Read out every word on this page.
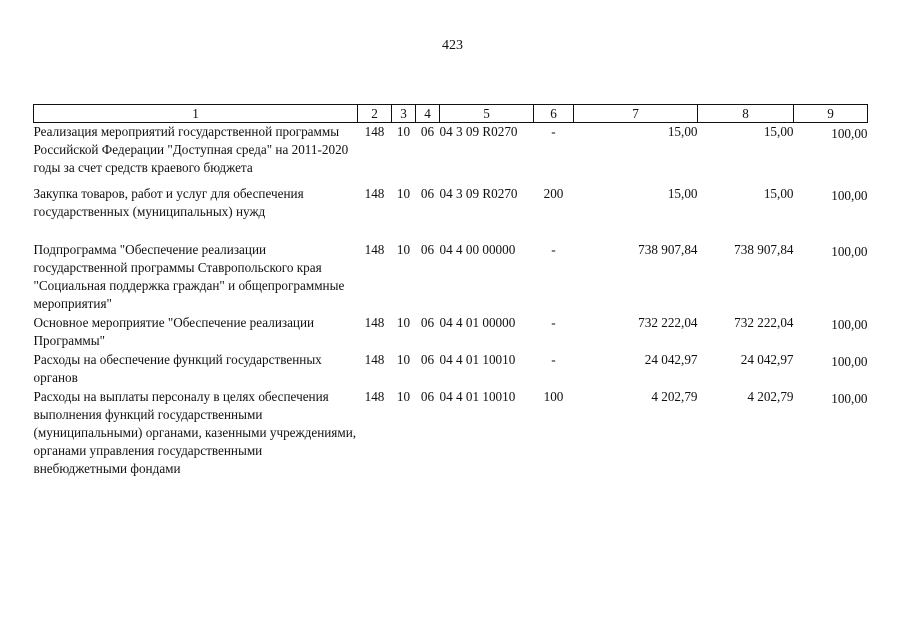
423
1	2	3	4	5	6	7	8	9
Реализация мероприятий государственной программы Российской Федерации "Доступная среда" на 2011-2020 годы за счет средств краевого бюджета	148	10	06	04 3 09 R0270	-	15,00	15,00	100,00
Закупка товаров, работ и услуг для обеспечения государственных (муниципальных) нужд	148	10	06	04 3 09 R0270	200	15,00	15,00	100,00
Подпрограмма "Обеспечение реализации государственной программы Ставропольского края "Социальная поддержка граждан" и общепрограммные мероприятия"	148	10	06	04 4 00 00000	-	738 907,84	738 907,84	100,00
Основное мероприятие "Обеспечение реализации Программы"	148	10	06	04 4 01 00000	-	732 222,04	732 222,04	100,00
Расходы на обеспечение функций государственных органов	148	10	06	04 4 01 10010	-	24 042,97	24 042,97	100,00
Расходы на выплаты персоналу в целях обеспечения выполнения функций государственными (муниципальными) органами, казенными учреждениями, органами управления государственными внебюджетными фондами	148	10	06	04 4 01 10010	100	4 202,79	4 202,79	100,00
